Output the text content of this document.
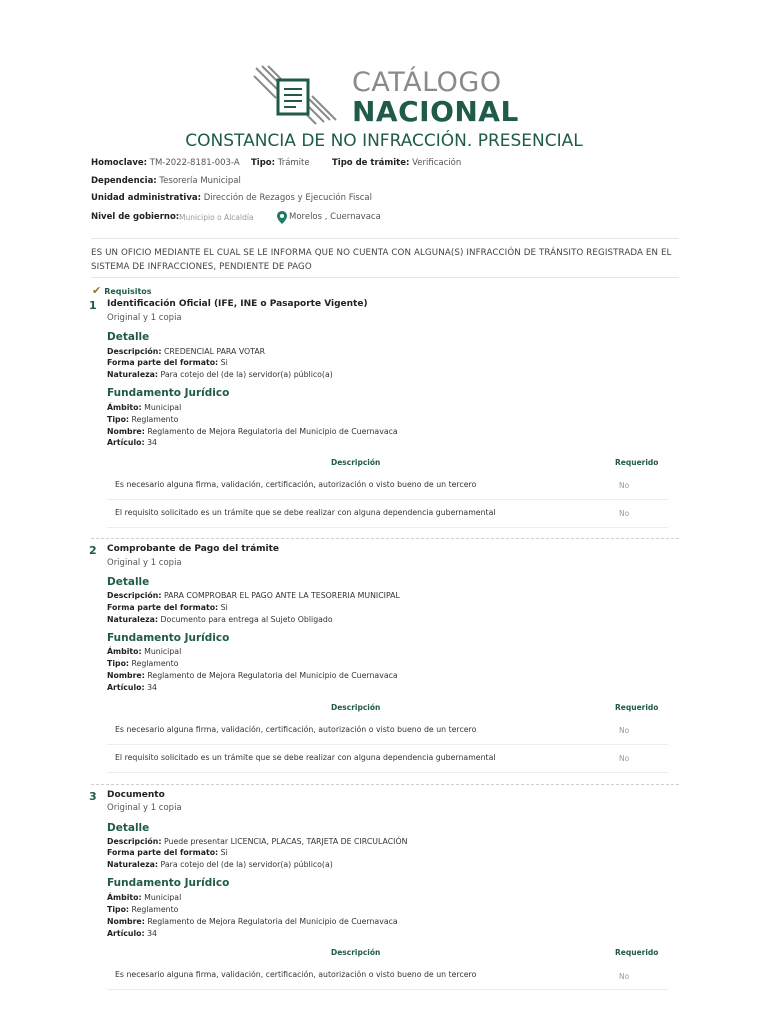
CATÁLOGO
NACIONAL
CONSTANCIA DE NO INFRACCIÓN. PRESENCIAL
Homoclave: TM-2022-8181-003-A Tipo: Trámite	Tipo de trámite: Verificación
Dependencia: Tesorería Municipal
Unidad administrativa: Dirección de Rezagos y Ejecución Fiscal
Nivel de gobierno: Municipio o Alcaldía	Morelos , Cuernavaca
ES UN OFICIO MEDIANTE EL CUAL SE LE INFORMA QUE NO CUENTA CON ALGUNA(S) INFRACCIÓN DE TRÁNSITO REGISTRADA EN EL SISTEMA DE INFRACCIONES, PENDIENTE DE PAGO
✔ Requisitos
1 Identificación Oficial (IFE, INE o Pasaporte Vigente)
Original y 1 copia
Detalle
Descripción: CREDENCIAL PARA VOTAR
Forma parte del formato: Si
Naturaleza: Para cotejo del (de la) servidor(a) público(a)
Fundamento Jurídico
Ámbito: Municipal
Tipo: Reglamento
Nombre: Reglamento de Mejora Regulatoria del Municipio de Cuernavaca
Artículo: 34
Descripción	Requerido
Es necesario alguna firma, validación, certificación, autorización o visto bueno de un tercero	No
El requisito solicitado es un trámite que se debe realizar con alguna dependencia gubernamental	No
2 Comprobante de Pago del trámite
Original y 1 copia
Detalle
Descripción: PARA COMPROBAR EL PAGO ANTE LA TESORERIA MUNICIPAL
Forma parte del formato: Si
Naturaleza: Documento para entrega al Sujeto Obligado
Fundamento Jurídico
Ámbito: Municipal
Tipo: Reglamento
Nombre: Reglamento de Mejora Regulatoria del Municipio de Cuernavaca
Artículo: 34
Descripción	Requerido
Es necesario alguna firma, validación, certificación, autorización o visto bueno de un tercero	No
El requisito solicitado es un trámite que se debe realizar con alguna dependencia gubernamental	No
3 Documento
Original y 1 copia
Detalle
Descripción: Puede presentar LICENCIA, PLACAS, TARJETA DE CIRCULACIÓN
Forma parte del formato: Si
Naturaleza: Para cotejo del (de la) servidor(a) público(a)
Fundamento Jurídico
Ámbito: Municipal
Tipo: Reglamento
Nombre: Reglamento de Mejora Regulatoria del Municipio de Cuernavaca
Artículo: 34
Descripción	Requerido
Es necesario alguna firma, validación, certificación, autorización o visto bueno de un tercero	No
